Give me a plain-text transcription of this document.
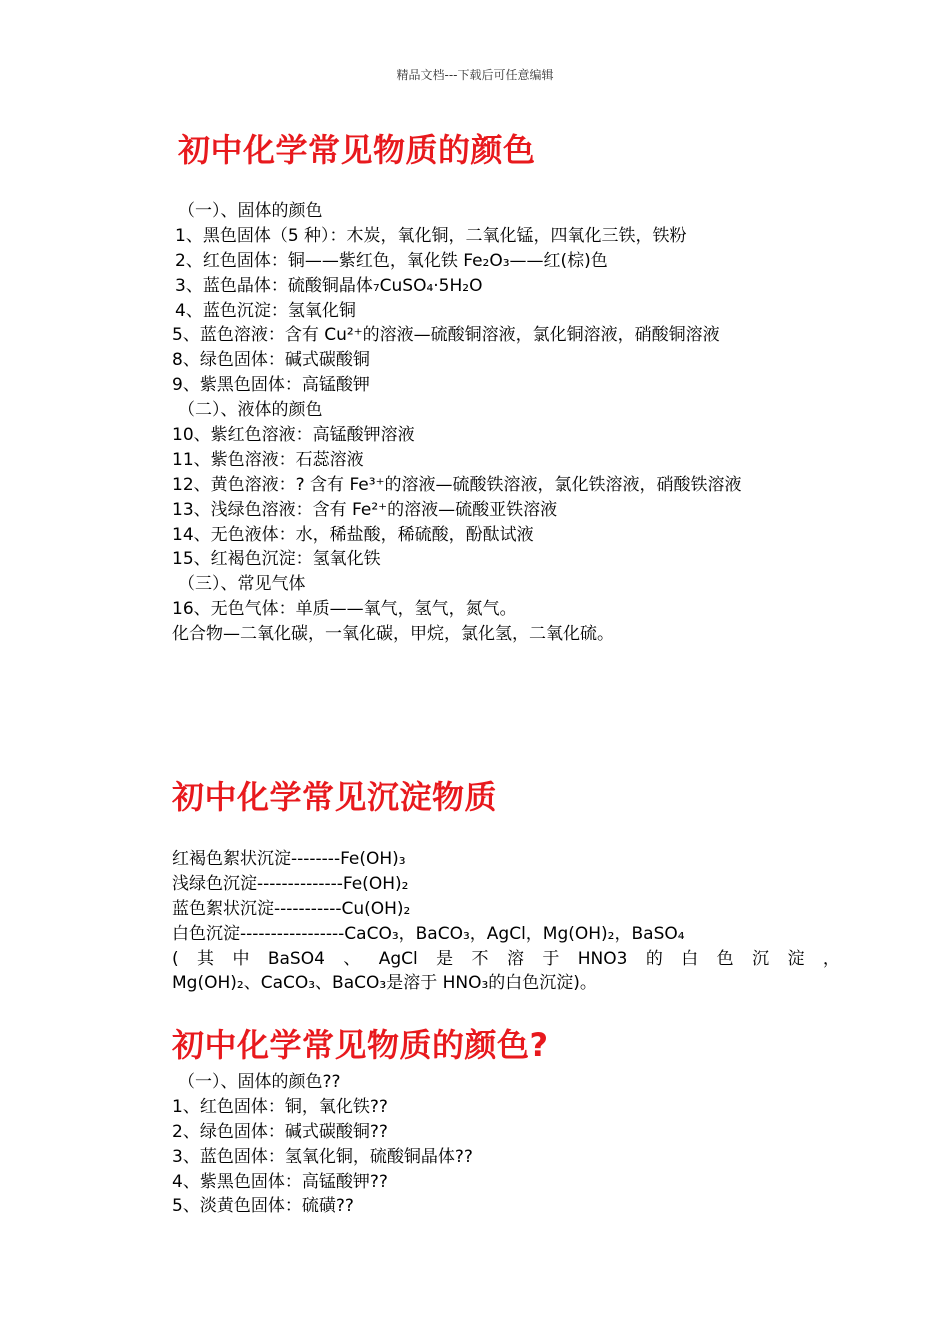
精品文档---下载后可任意编辑
初中化学常见物质的颜色
（一）、固体的颜色
1、黑色固体（5 种）：木炭，氧化铜，二氧化锰，四氧化三铁，铁粉
2、红色固体：铜——紫红色，氧化铁 Fe₂O₃——红(棕)色
3、蓝色晶体：硫酸铜晶体₇CuSO₄·5H₂O
4、蓝色沉淀：氢氧化铜
5、蓝色溶液：含有 Cu²⁺的溶液—硫酸铜溶液，氯化铜溶液，硝酸铜溶液
8、绿色固体：碱式碳酸铜
9、紫黑色固体：高锰酸钾
（二）、液体的颜色
10、紫红色溶液：高锰酸钾溶液
11、紫色溶液：石蕊溶液
12、黄色溶液：? 含有 Fe³⁺的溶液—硫酸铁溶液，氯化铁溶液，硝酸铁溶液
13、浅绿色溶液：含有 Fe²⁺的溶液—硫酸亚铁溶液
14、无色液体：水，稀盐酸，稀硫酸，酚酞试液
15、红褐色沉淀：氢氧化铁
（三）、常见气体
16、无色气体：单质——氧气，氢气，氮气。
化合物—二氧化碳，一氧化碳，甲烷，氯化氢，二氧化硫。
初中化学常见沉淀物质
红褐色絮状沉淀--------Fe(OH)₃
浅绿色沉淀--------------Fe(OH)₂
蓝色絮状沉淀-----------Cu(OH)₂
白色沉淀-----------------CaCO₃，BaCO₃，AgCl，Mg(OH)₂，BaSO₄
( 其 中 BaSO4 、 AgCl 是 不 溶 于 HNO3 的 白 色 沉 淀 ，
Mg(OH)₂、CaCO₃、BaCO₃是溶于 HNO₃的白色沉淀)。
初中化学常见物质的颜色?
（一）、固体的颜色??
1、红色固体：铜，氧化铁??
2、绿色固体：碱式碳酸铜??
3、蓝色固体：氢氧化铜，硫酸铜晶体??
4、紫黑色固体：高锰酸钾??
5、淡黄色固体：硫磺??
